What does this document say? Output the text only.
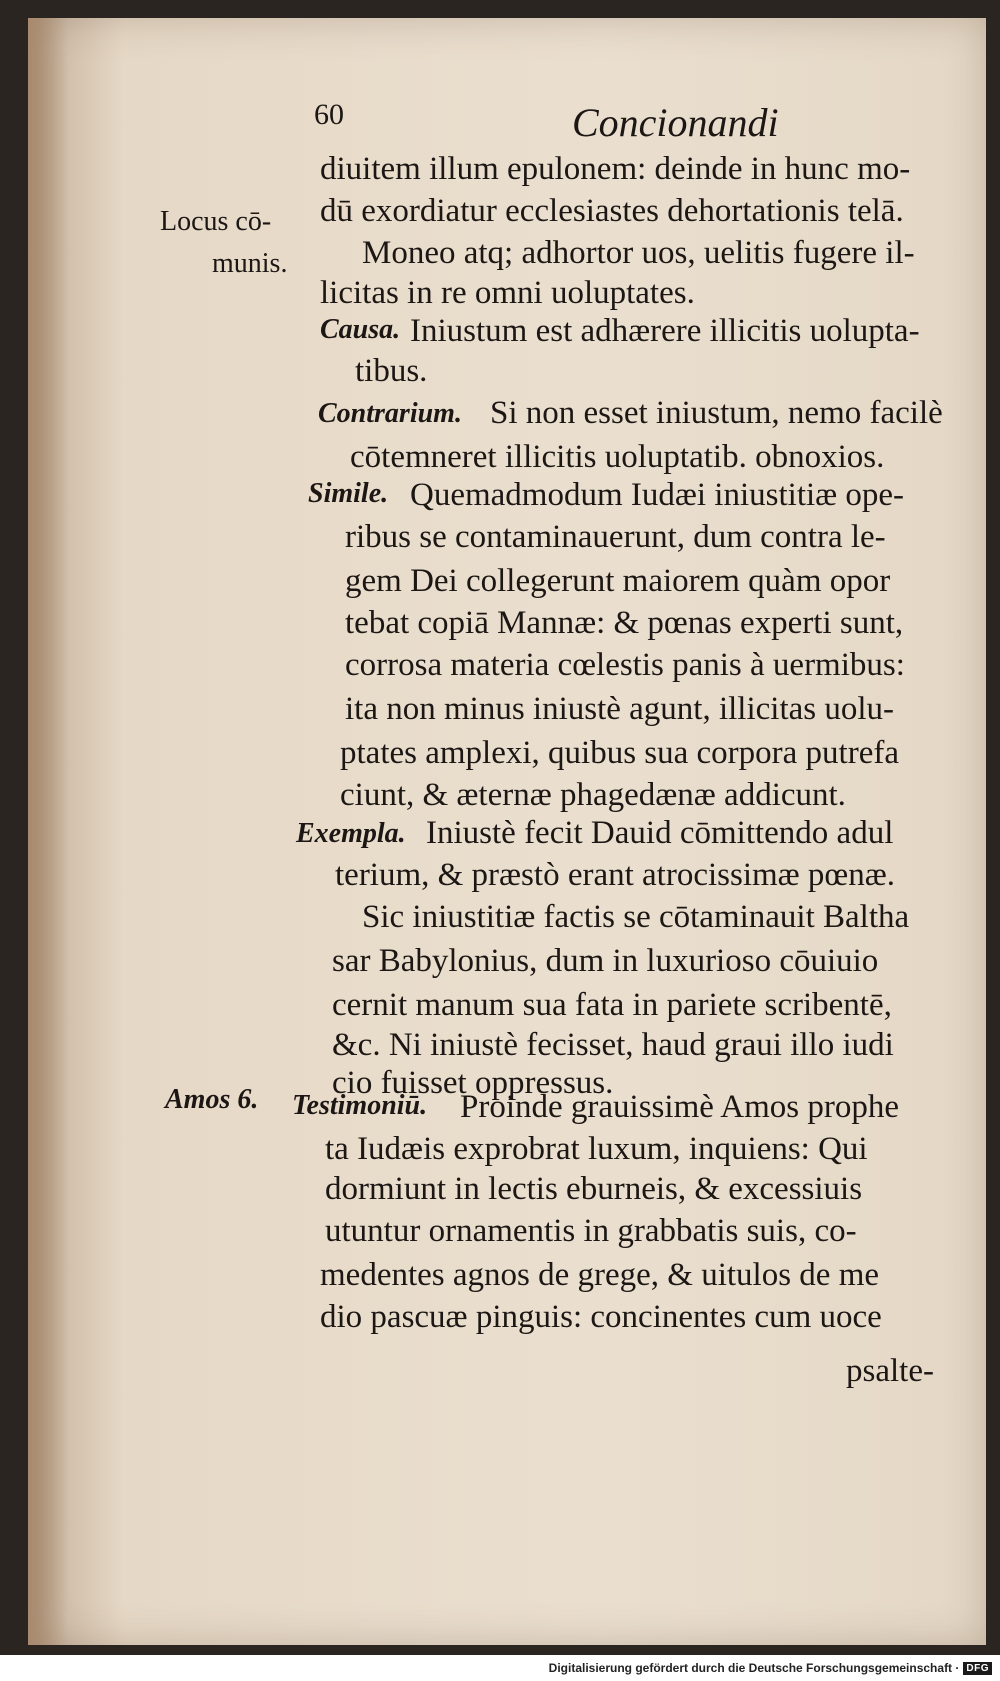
60	Concionandi
Locus cō-
munis.
Amos 6.
diuitem illum epulonem: deinde in hunc mo-
dū exordiatur ecclesiastes dehortationis telā.
Moneo atq; adhortor uos, uelitis fugere il-
licitas in re omni uoluptates.
Causa. Iniustum est adhærere illicitis uolupta-
tibus.
Contrarium. Si non esset iniustum, nemo facilè
cōtemneret illicitis uoluptatib. obnoxios.
Simile. Quemadmodum Iudæi iniustitiæ ope-
ribus se contaminauerunt, dum contra le-
gem Dei collegerunt maiorem quàm opor
tebat copiā Mannæ: & pœnas experti sunt,
corrosa materia cœlestis panis à uermibus:
ita non minus iniustè agunt, illicitas uolu-
ptates amplexi, quibus sua corpora putrefa
ciunt, & æternæ phagedænæ addicunt.
Exempla. Iniustè fecit Dauid cōmittendo adul
terium, & præstò erant atrocissimæ pœnæ.
Sic iniustitiæ factis se cōtaminauit Baltha
sar Babylonius, dum in luxurioso cōuiuio
cernit manum sua fata in pariete scribentē,
&c. Ni iniustè fecisset, haud graui illo iudi
cio fuisset oppressus.
Testimoniū. Proinde grauissimè Amos prophe
ta Iudæis exprobrat luxum, inquiens: Qui
dormiunt in lectis eburneis, & excessiuis
utuntur ornamentis in grabbatis suis, co-
medentes agnos de grege, & uitulos de me
dio pascuæ pinguis: concinentes cum uoce
psalte-
Digitalisierung gefördert durch die Deutsche Forschungsgemeinschaft · DFG
